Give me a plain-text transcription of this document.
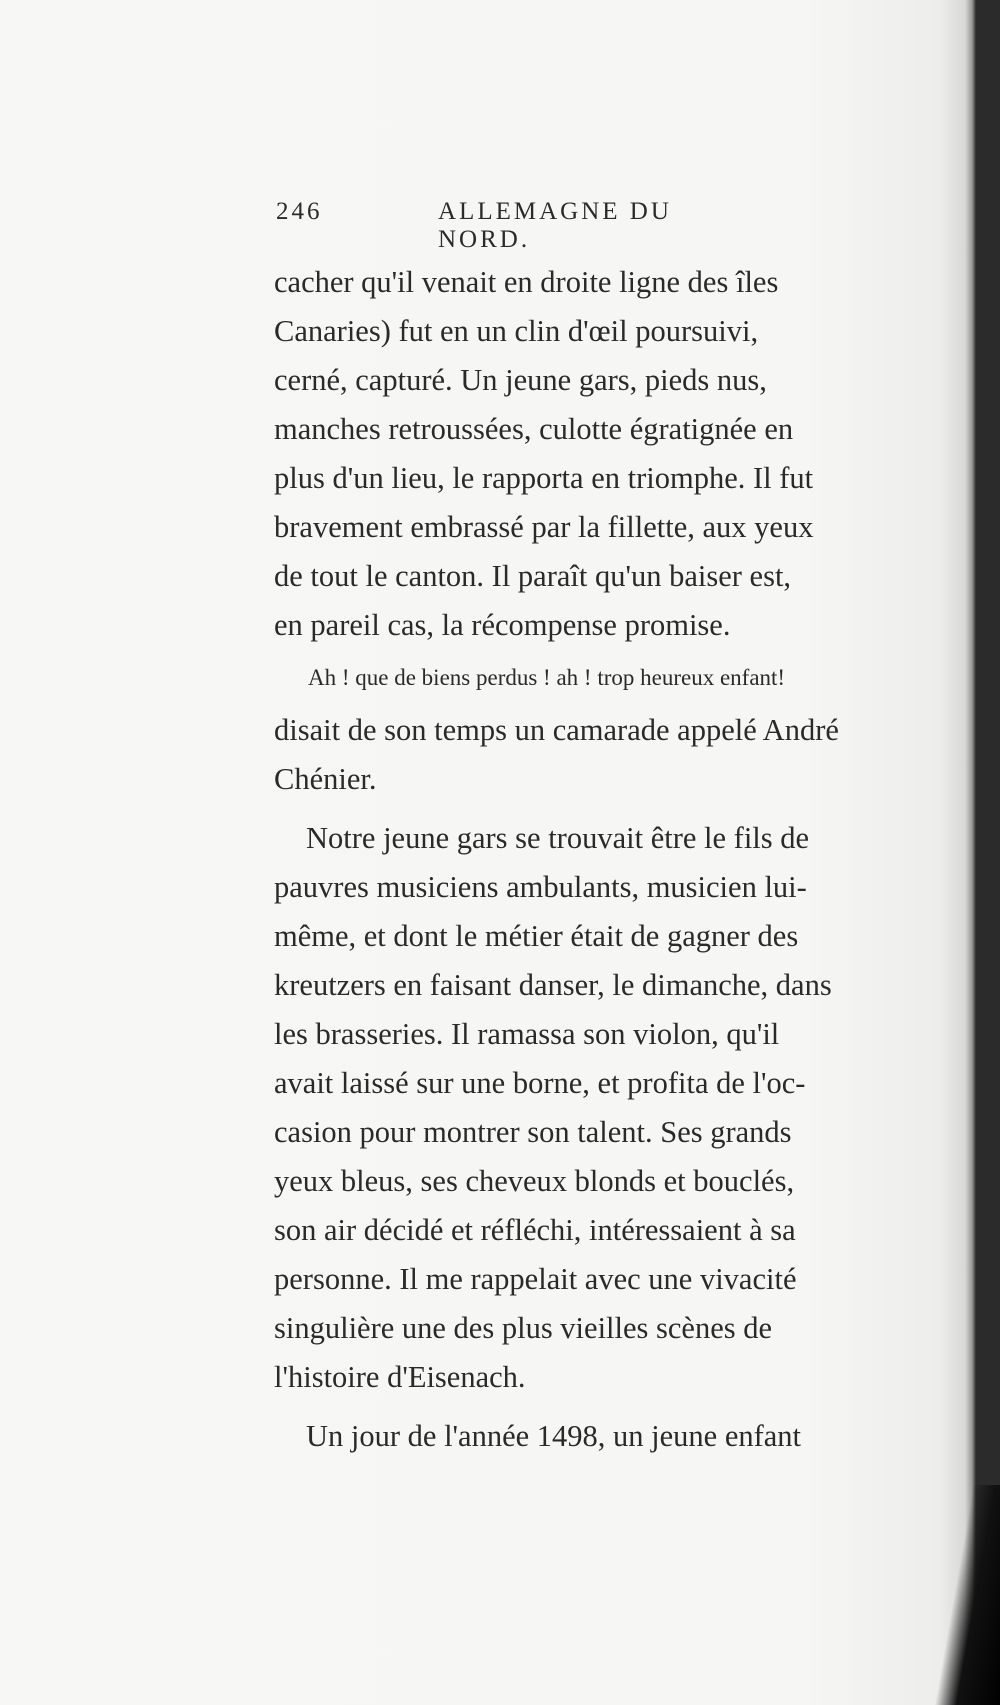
246	ALLEMAGNE DU NORD.
cacher qu'il venait en droite ligne des îles
Canaries) fut en un clin d'œil poursuivi,
cerné, capturé. Un jeune gars, pieds nus,
manches retroussées, culotte égratignée en
plus d'un lieu, le rapporta en triomphe. Il fut
bravement embrassé par la fillette, aux yeux
de tout le canton. Il paraît qu'un baiser est,
en pareil cas, la récompense promise.
Ah ! que de biens perdus ! ah ! trop heureux enfant!
disait de son temps un camarade appelé André
Chénier.
Notre jeune gars se trouvait être le fils de
pauvres musiciens ambulants, musicien lui-
même, et dont le métier était de gagner des
kreutzers en faisant danser, le dimanche, dans
les brasseries. Il ramassa son violon, qu'il
avait laissé sur une borne, et profita de l'oc-
casion pour montrer son talent. Ses grands
yeux bleus, ses cheveux blonds et bouclés,
son air décidé et réfléchi, intéressaient à sa
personne. Il me rappelait avec une vivacité
singulière une des plus vieilles scènes de
l'histoire d'Eisenach.
Un jour de l'année 1498, un jeune enfant
